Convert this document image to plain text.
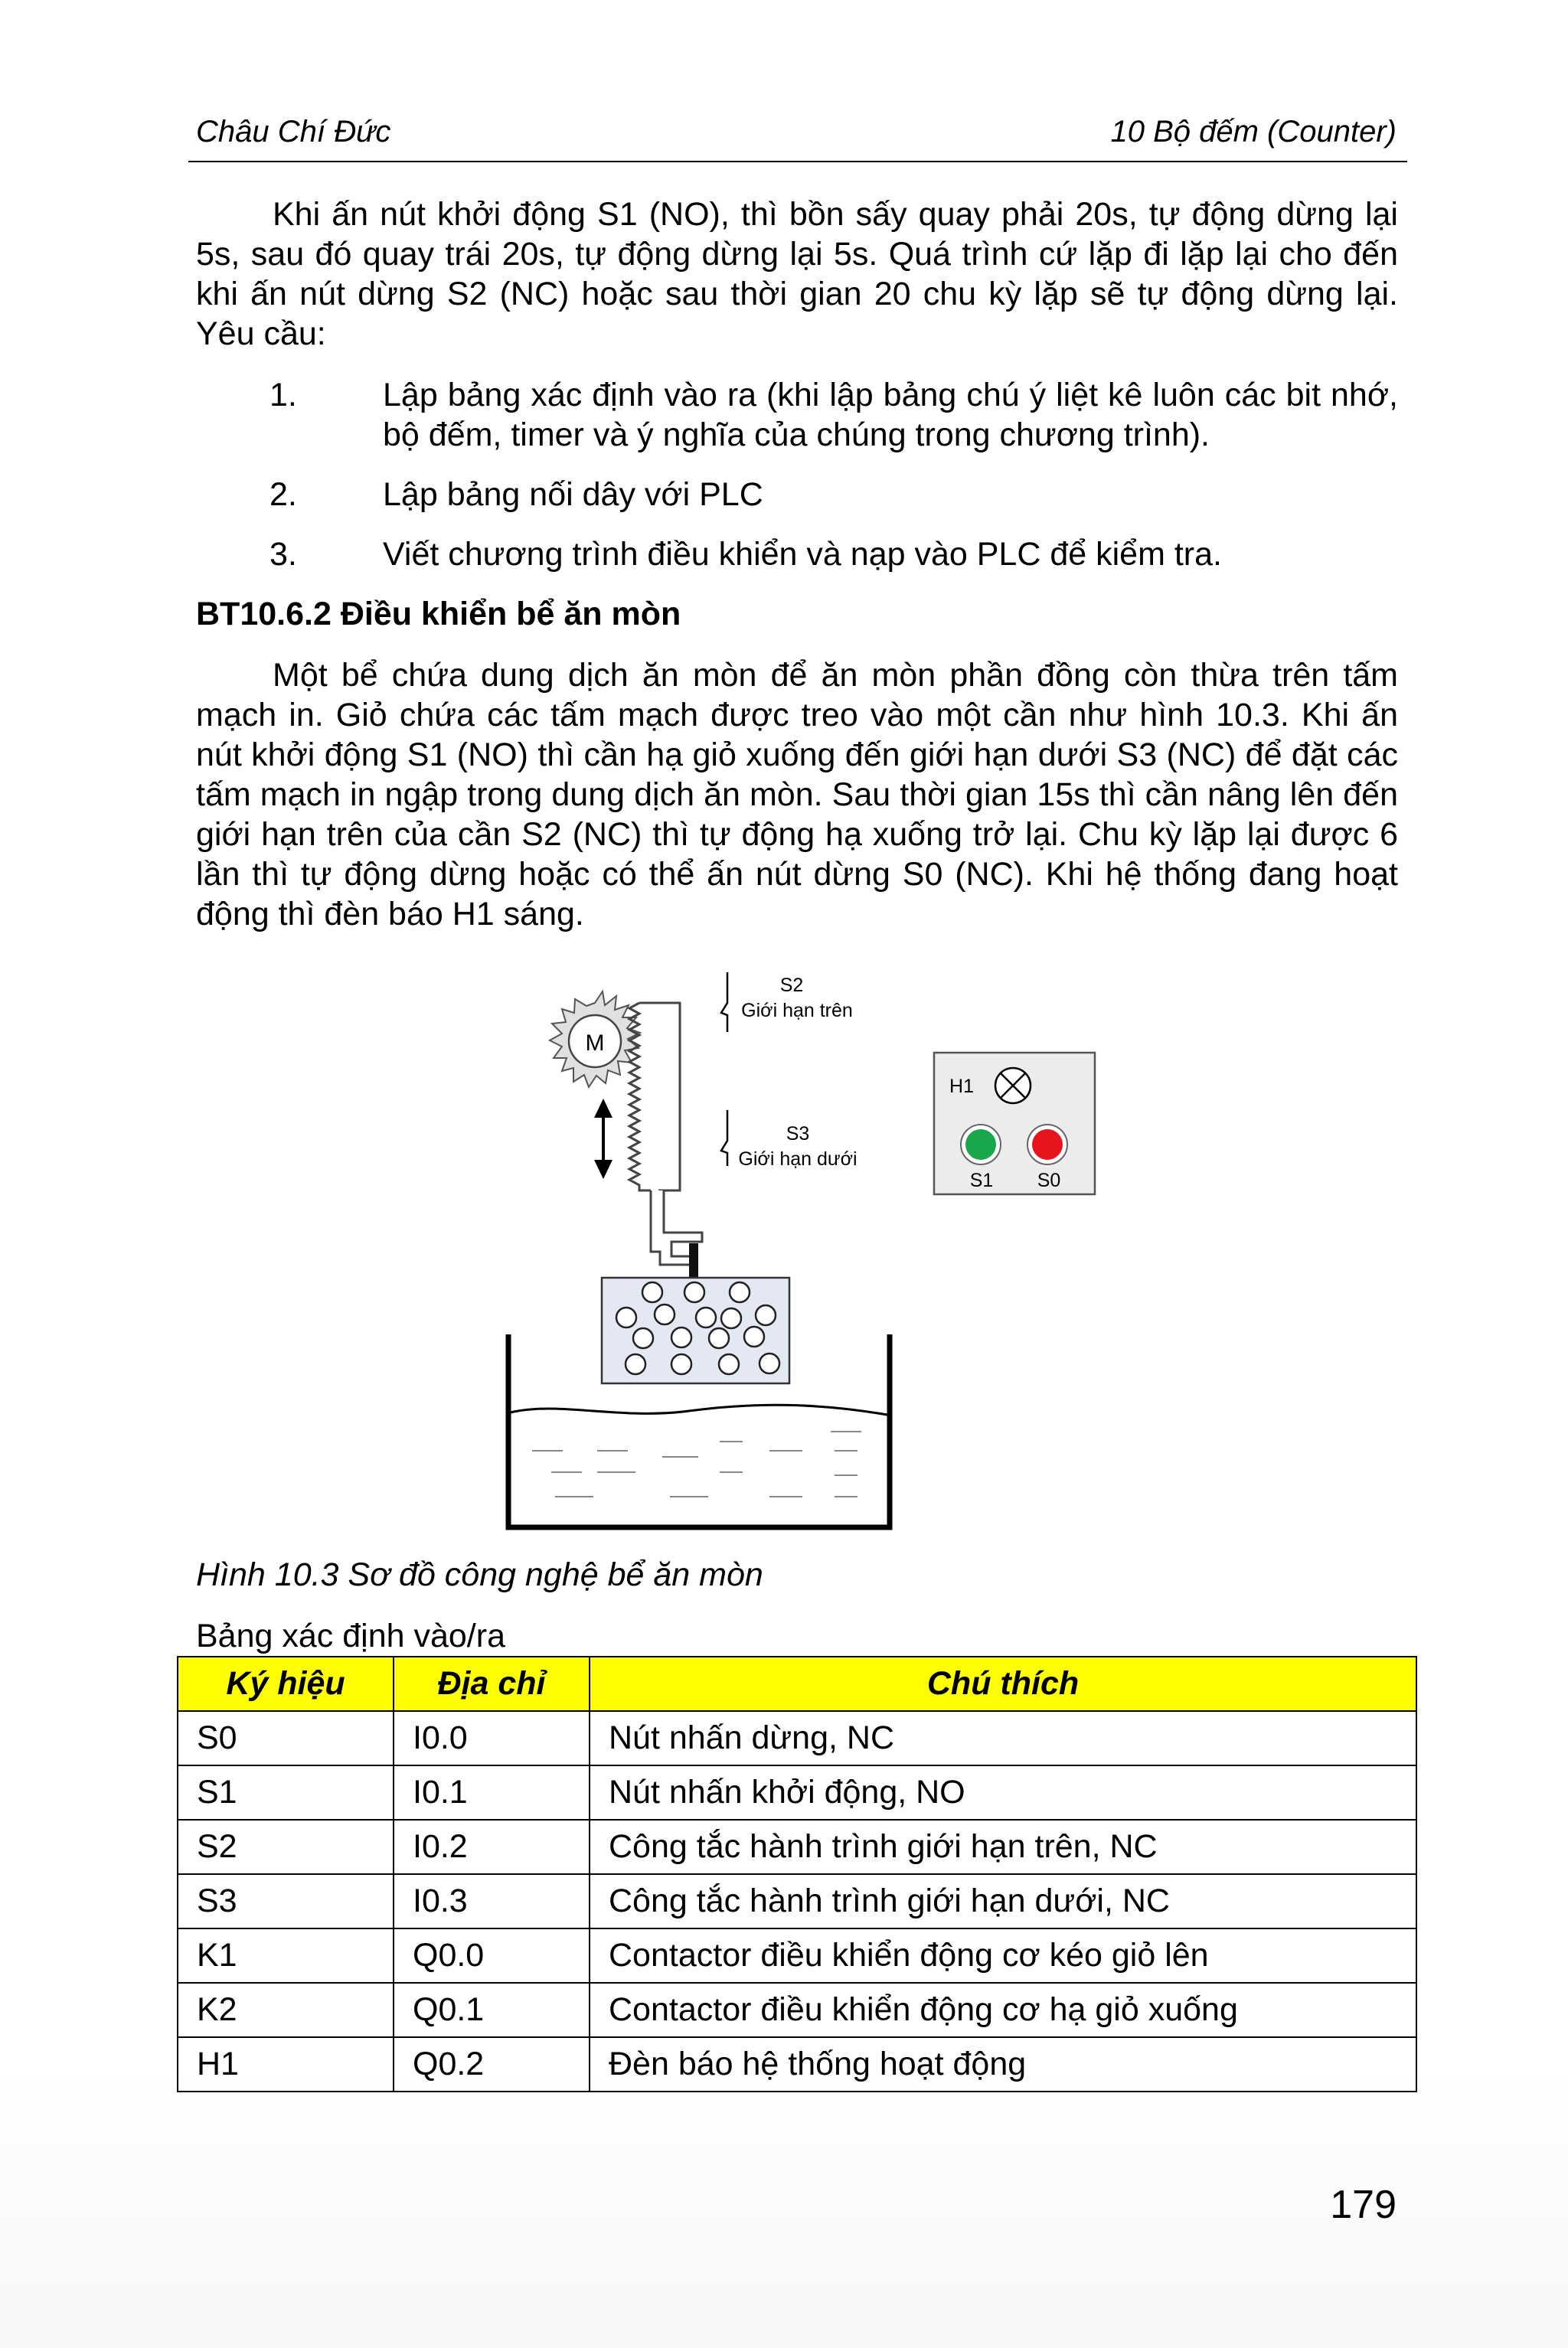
Châu Chí Đức	10 Bộ đếm (Counter)

Khi ấn nút khởi động S1 (NO), thì bồn sấy quay phải 20s, tự động dừng lại 5s, sau đó quay trái 20s, tự động dừng lại 5s. Quá trình cứ lặp đi lặp lại cho đến khi ấn nút dừng S2 (NC) hoặc sau thời gian 20 chu kỳ lặp sẽ tự động dừng lại. Yêu cầu:

1.	Lập bảng xác định vào ra (khi lập bảng chú ý liệt kê luôn các bit nhớ, bộ đếm, timer và ý nghĩa của chúng trong chương trình).
2.	Lập bảng nối dây với PLC
3.	Viết chương trình điều khiển và nạp vào PLC để kiểm tra.
BT10.6.2 Điều khiển bể ăn mòn

Một bể chứa dung dịch ăn mòn để ăn mòn phần đồng còn thừa trên tấm mạch in. Giỏ chứa các tấm mạch được treo vào một cần như hình 10.3. Khi ấn nút khởi động S1 (NO) thì cần hạ giỏ xuống đến giới hạn dưới S3 (NC) để đặt các tấm mạch in ngập trong dung dịch ăn mòn. Sau thời gian 15s thì cần nâng lên đến giới hạn trên của cần S2 (NC) thì tự động hạ xuống trở lại. Chu kỳ lặp lại được 6 lần thì tự động dừng hoặc có thể ấn nút dừng S0 (NC). Khi hệ thống đang hoạt động thì đèn báo H1 sáng.

M
S2
Giới hạn trên
S3
Giới hạn dưới
H1
S1 S0
Hình 10.3 Sơ đồ công nghệ bể ăn mòn
Bảng xác định vào/ra
Ký hiệu	Địa chỉ	Chú thích
S0	I0.0	Nút nhấn dừng, NC
S1	I0.1	Nút nhấn khởi động, NO
S2	I0.2	Công tắc hành trình giới hạn trên, NC
S3	I0.3	Công tắc hành trình giới hạn dưới, NC
K1	Q0.0	Contactor điều khiển động cơ kéo giỏ lên
K2	Q0.1	Contactor điều khiển động cơ hạ giỏ xuống
H1	Q0.2	Đèn báo hệ thống hoạt động
179
